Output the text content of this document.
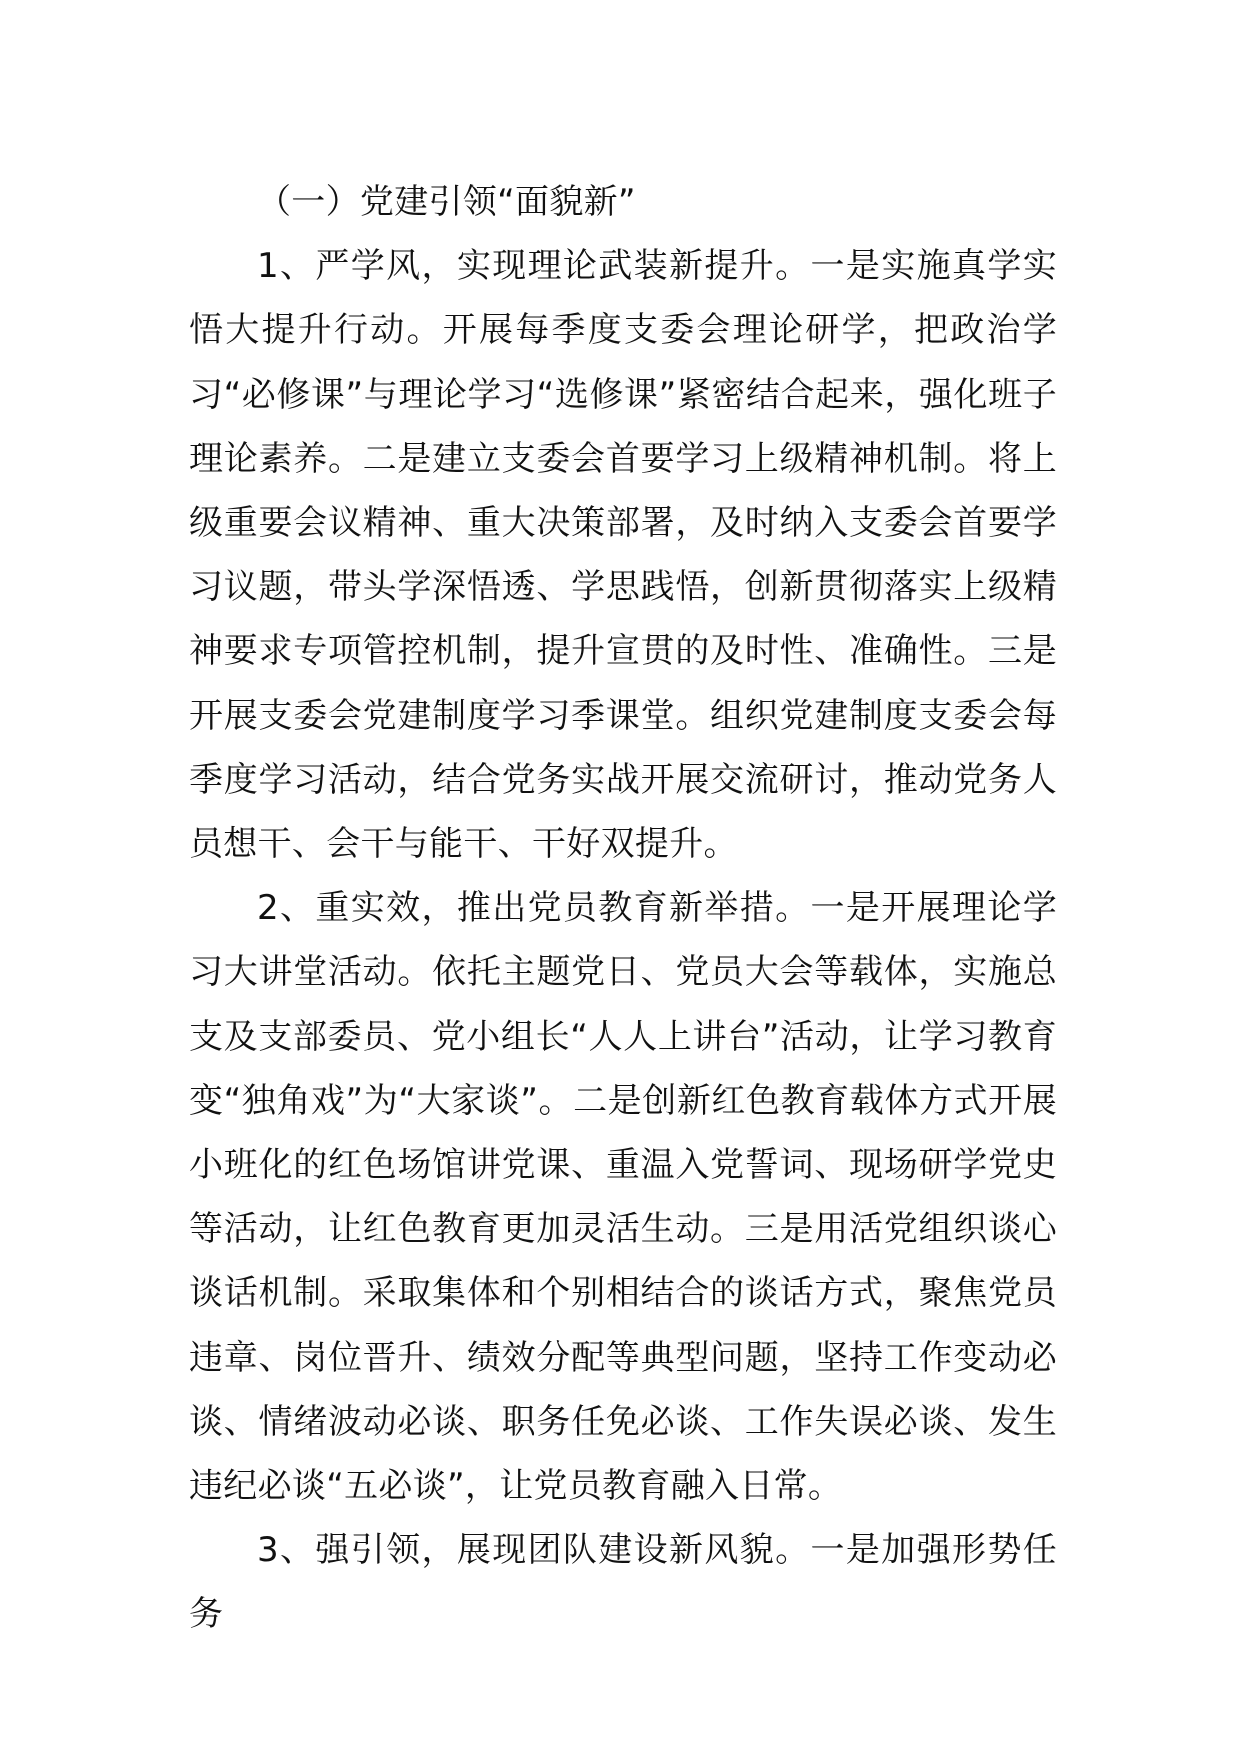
（一）党建引领“面貌新”

1、严学风，实现理论武装新提升。一是实施真学实悟大提升行动。开展每季度支委会理论研学，把政治学习“必修课”与理论学习“选修课”紧密结合起来，强化班子理论素养。二是建立支委会首要学习上级精神机制。将上级重要会议精神、重大决策部署，及时纳入支委会首要学习议题，带头学深悟透、学思践悟，创新贯彻落实上级精神要求专项管控机制，提升宣贯的及时性、准确性。三是开展支委会党建制度学习季课堂。组织党建制度支委会每季度学习活动，结合党务实战开展交流研讨，推动党务人员想干、会干与能干、干好双提升。

2、重实效，推出党员教育新举措。一是开展理论学习大讲堂活动。依托主题党日、党员大会等载体，实施总支及支部委员、党小组长“人人上讲台”活动，让学习教育变“独角戏”为“大家谈”。二是创新红色教育载体方式开展小班化的红色场馆讲党课、重温入党誓词、现场研学党史等活动，让红色教育更加灵活生动。三是用活党组织谈心谈话机制。采取集体和个别相结合的谈话方式，聚焦党员违章、岗位晋升、绩效分配等典型问题，坚持工作变动必谈、情绪波动必谈、职务任免必谈、工作失误必谈、发生违纪必谈“五必谈”，让党员教育融入日常。

3、强引领，展现团队建设新风貌。一是加强形势任务
